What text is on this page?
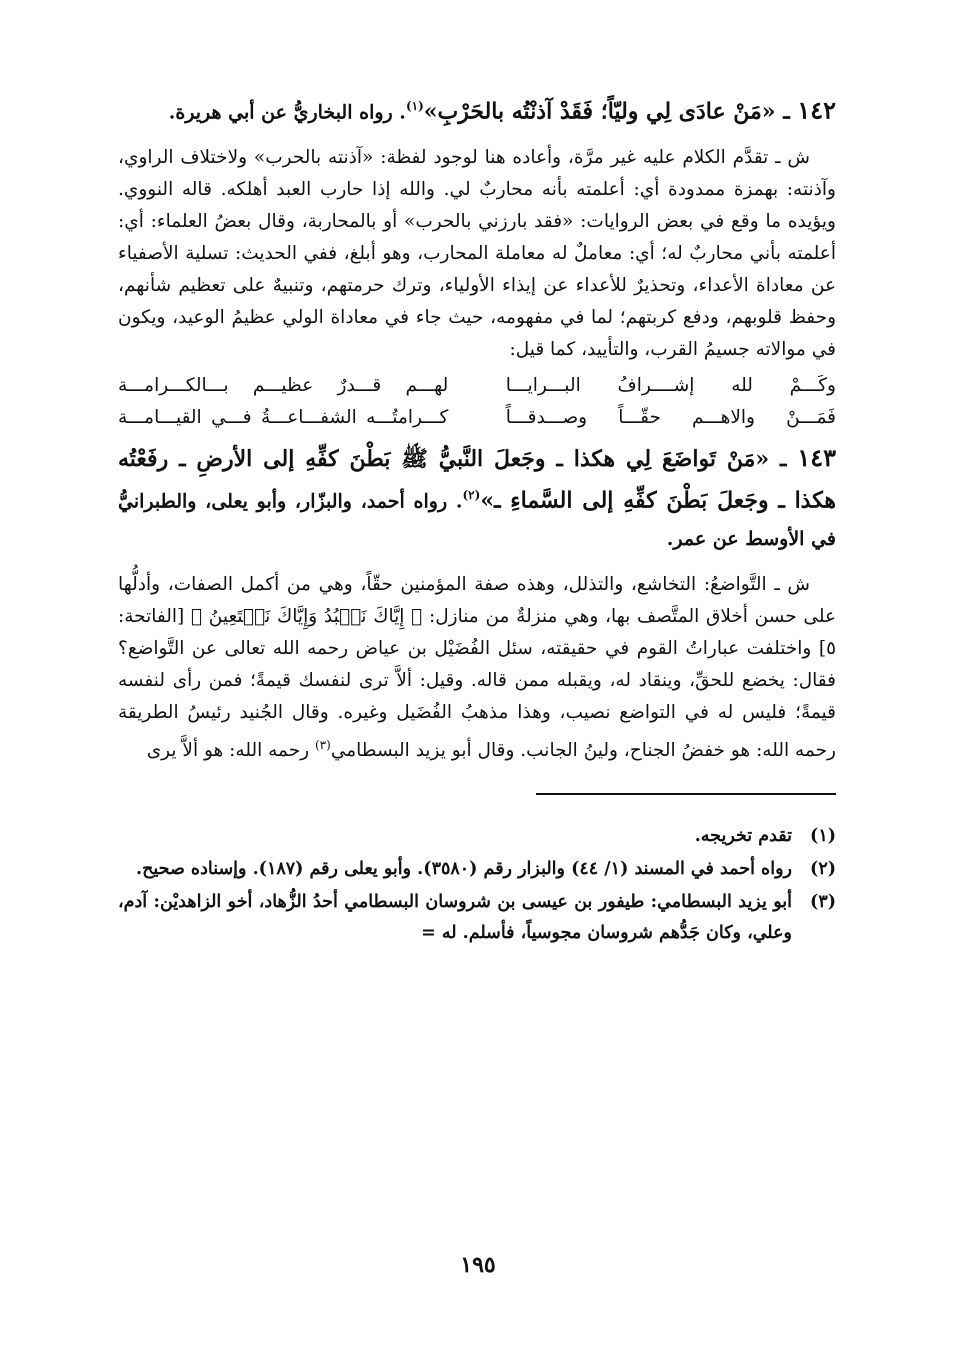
١٤٢ ـ «مَنْ عادَى لِي وليّاً؛ فَقَدْ آذنْتُه بالحَرْبِ»$^{(١)}$. رواه البخاريُّ عن أبي هريرة.

ش ـ تقدَّم الكلام عليه غير مرَّة، وأعاده هنا لوجود لفظة: «آذنته بالحرب» ولاختلاف الراوي، وآذنته: بهمزة ممدودة أي: أعلمته بأنه محاربٌ لي. والله إذا حارب العبد أهلكه. قاله النووي. ويؤيده ما وقع في بعض الروايات: «فقد بارزني بالحرب» أو بالمحاربة، وقال بعضُ العلماء: أي: أعلمته بأني محاربٌ له؛ أي: معاملٌ له معاملة المحارب، وهو أبلغ، ففي الحديث: تسلية الأصفياء عن معاداة الأعداء، وتحذيرٌ للأعداء عن إيذاء الأولياء، وترك حرمتهم، وتنبيهٌ على تعظيم شأنهم، وحفظ قلوبهم، ودفع كربتهم؛ لما في مفهومه، حيث جاء في معاداة الولي عظيمُ الوعيد، ويكون في موالاته جسيمُ القرب، والتأييد، كما قيل:

وكَـــمْ لله إشــــرافُ البـــرايـــا
لهـــم قـــدرٌ عظيـــم بـــالكـــرامـــة
فَمَـــنْ والاهـــم حقّـــاً وصـــدقـــاً
كـــرامتُـــه الشفـــاعـــةُ فـــي القيـــامـــة

١٤٣ ـ «مَنْ تَواضَعَ لِي هكذا ـ وجَعلَ النَّبيُّ ﷺ بَطْنَ كفِّهِ إلى الأرضِ ـ رفَعْتُه هكذا ـ وجَعلَ بَطْنَ كفِّهِ إلى السَّماءِ ـ»$^{(٢)}$. رواه أحمد، والبزّار، وأبو يعلى، والطبرانيُّ في الأوسط عن عمر.

ش ـ التَّواضعُ: التخاشع، والتذلل، وهذه صفة المؤمنين حقّاً، وهي من أكمل الصفات، وأدلُّها على حسن أخلاق المتَّصف بها، وهي منزلةٌ من منازل: ﴿ إِيَّاكَ نَعۡبُدُ وَإِيَّاكَ نَسۡتَعِينُ ﴾ [الفاتحة: ٥] واختلفت عباراتُ القوم في حقيقته، سئل الفُضَيْل بن عياض رحمه الله تعالى عن التَّواضع؟ فقال: يخضع للحقِّ، وينقاد له، ويقبله ممن قاله. وقيل: ألاَّ ترى لنفسك قيمةً؛ فمن رأى لنفسه قيمةً؛ فليس له في التواضع نصيب، وهذا مذهبُ الفُضَيل وغيره. وقال الجُنيد رئيسُ الطريقة رحمه الله: هو خفضُ الجناح، ولينُ الجانب. وقال أبو يزيد البسطامي$^{(٣)}$ رحمه الله: هو ألاَّ يرى

(١)
تقدم تخريجه.
(٢)
رواه أحمد في المسند (١/ ٤٤) والبزار رقم (٣٥٨٠). وأبو يعلى رقم (١٨٧). وإسناده صحيح.
(٣)
أبو يزيد البسطامي: طيفور بن عيسى بن شروسان البسطامي أحدُ الزُّهاد، أخو الزاهديْن: آدم، وعلي، وكان جَدُّهم شروسان مجوسياً، فأسلم. له =
١٩٥
